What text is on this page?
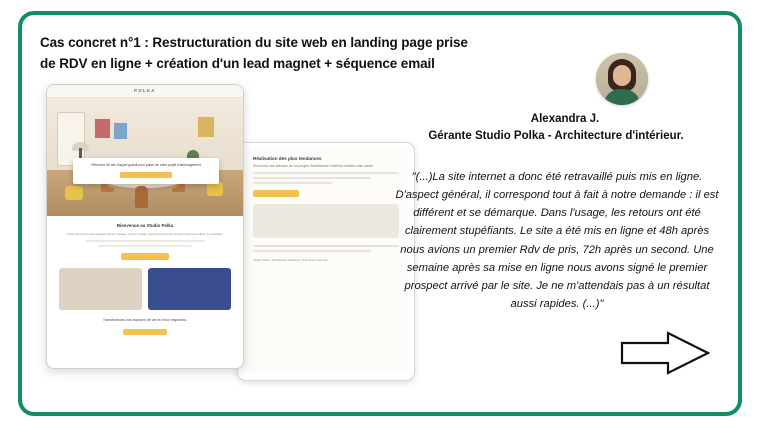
Cas concret n°1 : Restructuration du site web en landing page prise de RDV en ligne + création d'un lead magnet + séquence email
Réalisation des plus tendances
Découvrez une sélection de nos projets d'architecture d'intérieur réalisés cette année.
Studio Polka - Architecture d'intérieur. Tous droits réservés.
POLKA
Réservez 30 min d'appel gratuit pour parler de votre projet d'aménagement
Bienvenue au Studio Polka
Nous concevons des espaces de vie uniques, à votre image, pensés pour durer et pour vous ressembler au quotidien.
Transformons vos espaces de vie en lieux inspirants.
Alexandra J.
Gérante Studio Polka - Architecture d'intérieur.
"(...)La site internet a donc été retravaillé puis mis en ligne. D'aspect général, il correspond tout à fait à notre demande : il est différent et se démarque. Dans l'usage, les retours ont été clairement stupéfiants. Le site a été mis en ligne et 48h après nous avions un premier Rdv de pris, 72h après un second. Une semaine après sa mise en ligne nous avons signé le premier prospect arrivé par le site. Je ne m'attendais pas à un résultat aussi rapides. (...)"
